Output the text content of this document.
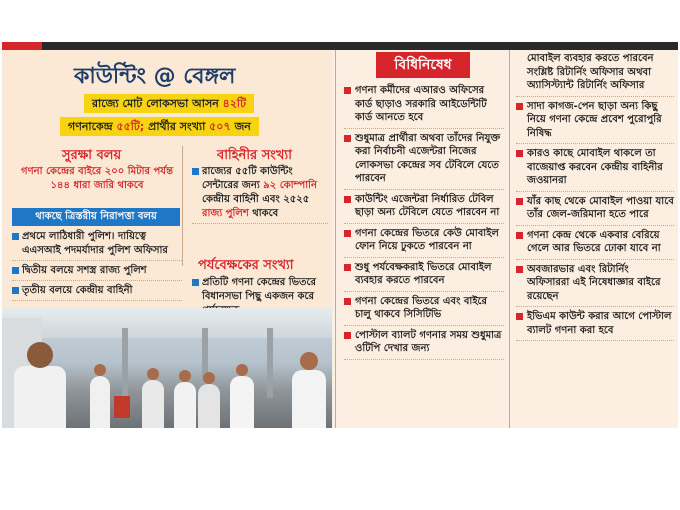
কাউন্টিং @ বেঙ্গল
রাজ্যে মোট লোকসভা আসন ৪২টি
গণনাকেন্দ্র ৫৫টি; প্রার্থীর সংখ্যা ৫০৭ জন
সুরক্ষা বলয়	বাহিনীর সংখ্যা
গণনা কেন্দ্রের বাইরে ২০০ মিটার পর্যন্ত ১৪৪ ধারা জারি থাকবে
থাকছে ত্রিস্তরীয় নিরাপত্তা বলয়
প্রথমে লাঠিধারী পুলিশ। দায়িত্বে এএসআই পদমর্যাদার পুলিশ অফিসার
দ্বিতীয় বলয়ে সশস্ত্র রাজ্য পুলিশ
তৃতীয় বলয়ে কেন্দ্রীয় বাহিনী
রাজ্যের ৫৫টি কাউন্টিং সেন্টারের জন্য ৯২ কোম্পানি কেন্দ্রীয় বাহিনী এবং ২৫২৫ রাজ্য পুলিশ থাকবে
পর্যবেক্ষকের সংখ্যা
প্রতিটি গণনা কেন্দ্রের ভিতরে বিধানসভা পিছু একজন করে
বিধিনিষেধ
গণনা কর্মীদের এআরও অফিসের কার্ড ছাড়াও সরকারি আইডেন্টিটি কার্ড আনতে হবে
শুধুমাত্র প্রার্থীরা অথবা তাঁদের নিযুক্ত করা নির্বাচনী এজেন্টরা নিজের লোকসভা কেন্দ্রের সব টেবিলে যেতে পারবেন
কাউন্টিং এজেন্টরা নির্ধারিত টেবিল ছাড়া অন্য টেবিলে যেতে পারবেন না
গণনা কেন্দ্রের ভিতরে কেউ মোবাইল ফোন নিয়ে ঢুকতে পারবেন না
শুধু পর্যবেক্ষকরাই ভিতরে মোবাইল ব্যবহার করতে পারবেন
গণনা কেন্দ্রের ভিতরে এবং বাইরে চালু থাকবে সিসিটিভি
পোস্টাল ব্যালট গণনার সময় শুধুমাত্র ওটিপি দেখার জন্য
মোবাইল ব্যবহার করতে পারবেন সংশ্লিষ্ট রিটার্নিং অফিসার অথবা অ্যাসিস্ট্যান্ট রিটার্নিং অফিসার
সাদা কাগজ-পেন ছাড়া অন্য কিছু নিয়ে গণনা কেন্দ্রে প্রবেশ পুরোপুরি নিষিদ্ধ
কারও কাছে মোবাইল থাকলে তা বাজেয়াপ্ত করবেন কেন্দ্রীয় বাহিনীর জওয়ানরা
যাঁর কাছ থেকে মোবাইল পাওয়া যাবে তাঁর জেল-জরিমানা হতে পারে
গণনা কেন্দ্র থেকে একবার বেরিয়ে গেলে আর ভিতরে ঢোকা যাবে না
অবজারভার এবং রিটার্নিং অফিসাররা এই নিষেধাজ্ঞার বাইরে রয়েছেন
ইভিএম কাউন্ট করার আগে পোস্টাল ব্যালট গণনা করা হবে
